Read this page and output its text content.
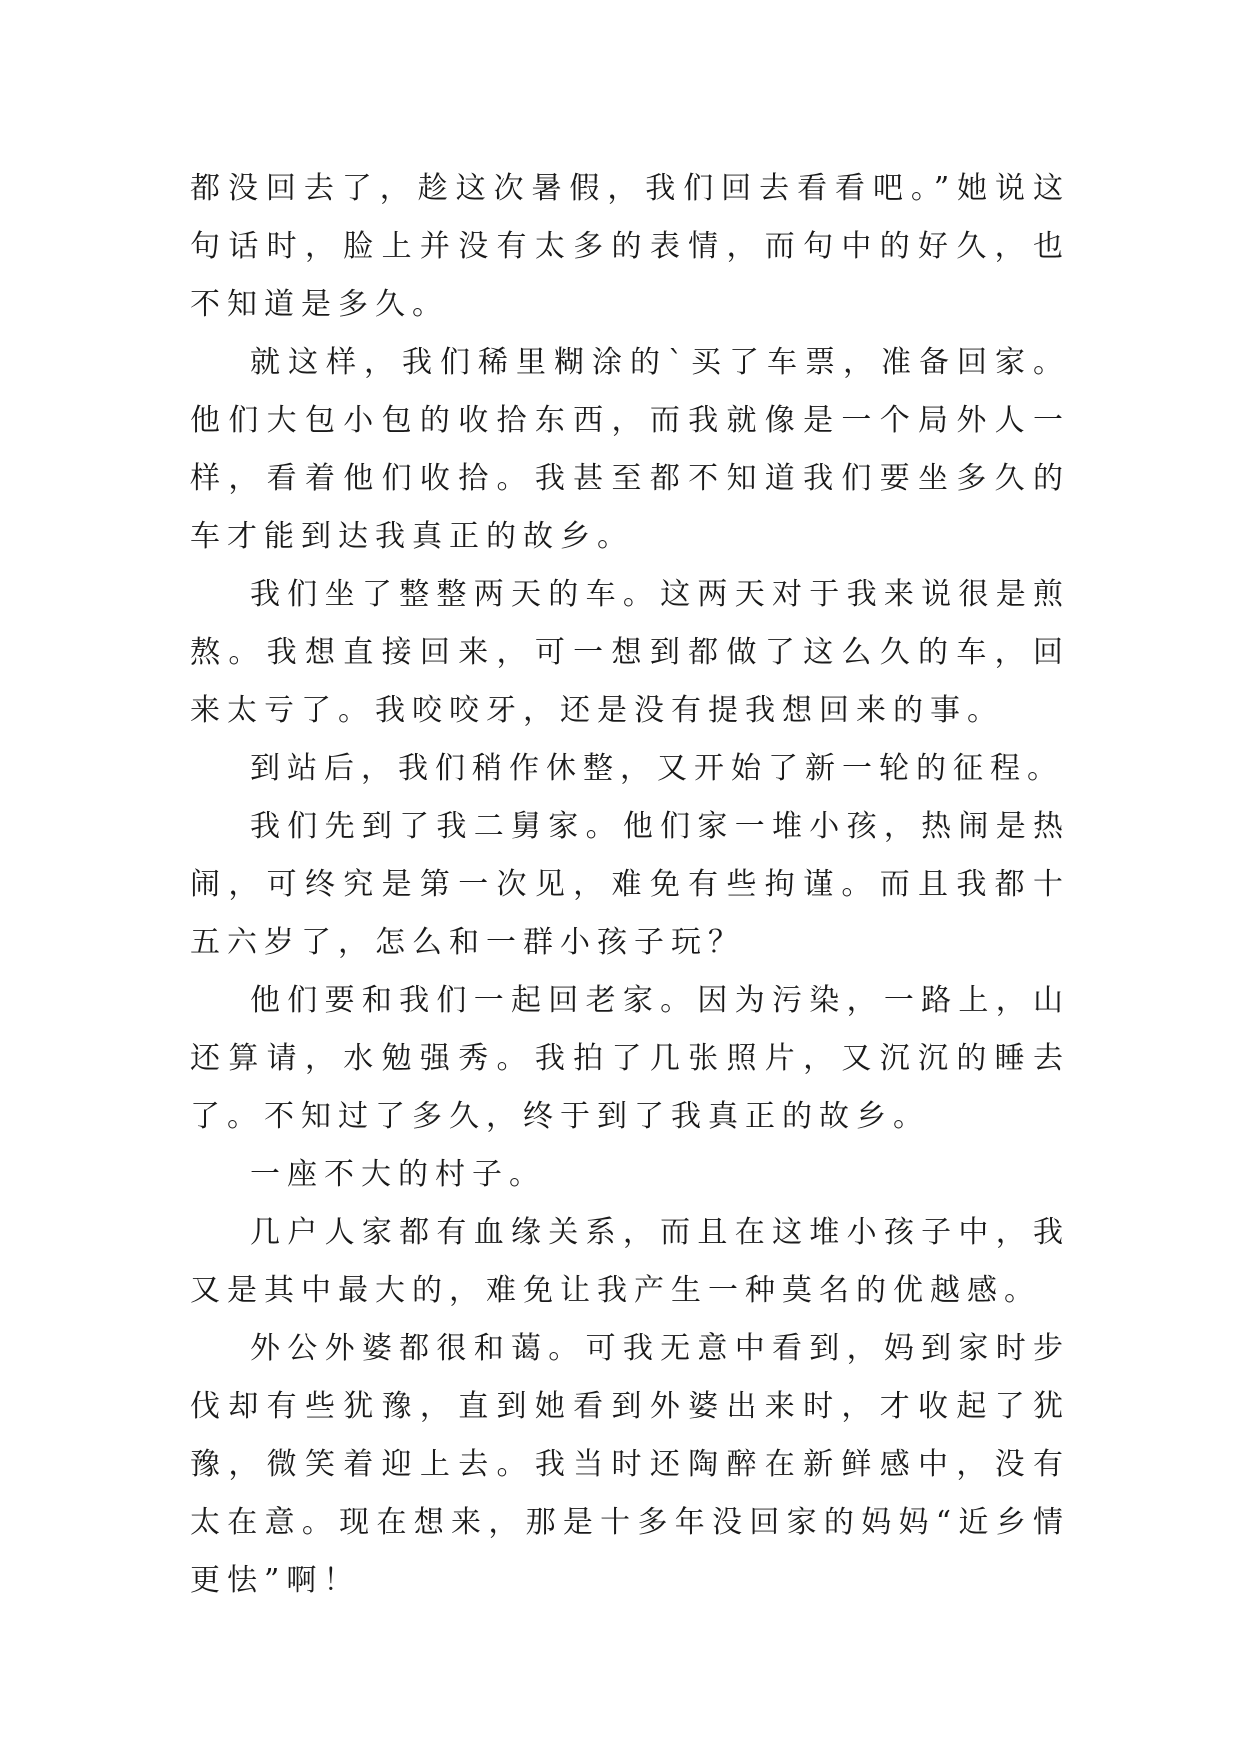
都没回去了，趁这次暑假，我们回去看看吧。”她说这句话时，脸上并没有太多的表情，而句中的好久，也不知道是多久。

就这样，我们稀里糊涂的`买了车票，准备回家。他们大包小包的收拾东西，而我就像是一个局外人一样，看着他们收拾。我甚至都不知道我们要坐多久的车才能到达我真正的故乡。

我们坐了整整两天的车。这两天对于我来说很是煎熬。我想直接回来，可一想到都做了这么久的车，回来太亏了。我咬咬牙，还是没有提我想回来的事。

到站后，我们稍作休整，又开始了新一轮的征程。

我们先到了我二舅家。他们家一堆小孩，热闹是热闹，可终究是第一次见，难免有些拘谨。而且我都十五六岁了，怎么和一群小孩子玩？

他们要和我们一起回老家。因为污染，一路上，山还算请，水勉强秀。我拍了几张照片，又沉沉的睡去了。不知过了多久，终于到了我真正的故乡。

一座不大的村子。

几户人家都有血缘关系，而且在这堆小孩子中，我又是其中最大的，难免让我产生一种莫名的优越感。

外公外婆都很和蔼。可我无意中看到，妈到家时步伐却有些犹豫，直到她看到外婆出来时，才收起了犹豫，微笑着迎上去。我当时还陶醉在新鲜感中，没有太在意。现在想来，那是十多年没回家的妈妈“近乡情更怯”啊！
